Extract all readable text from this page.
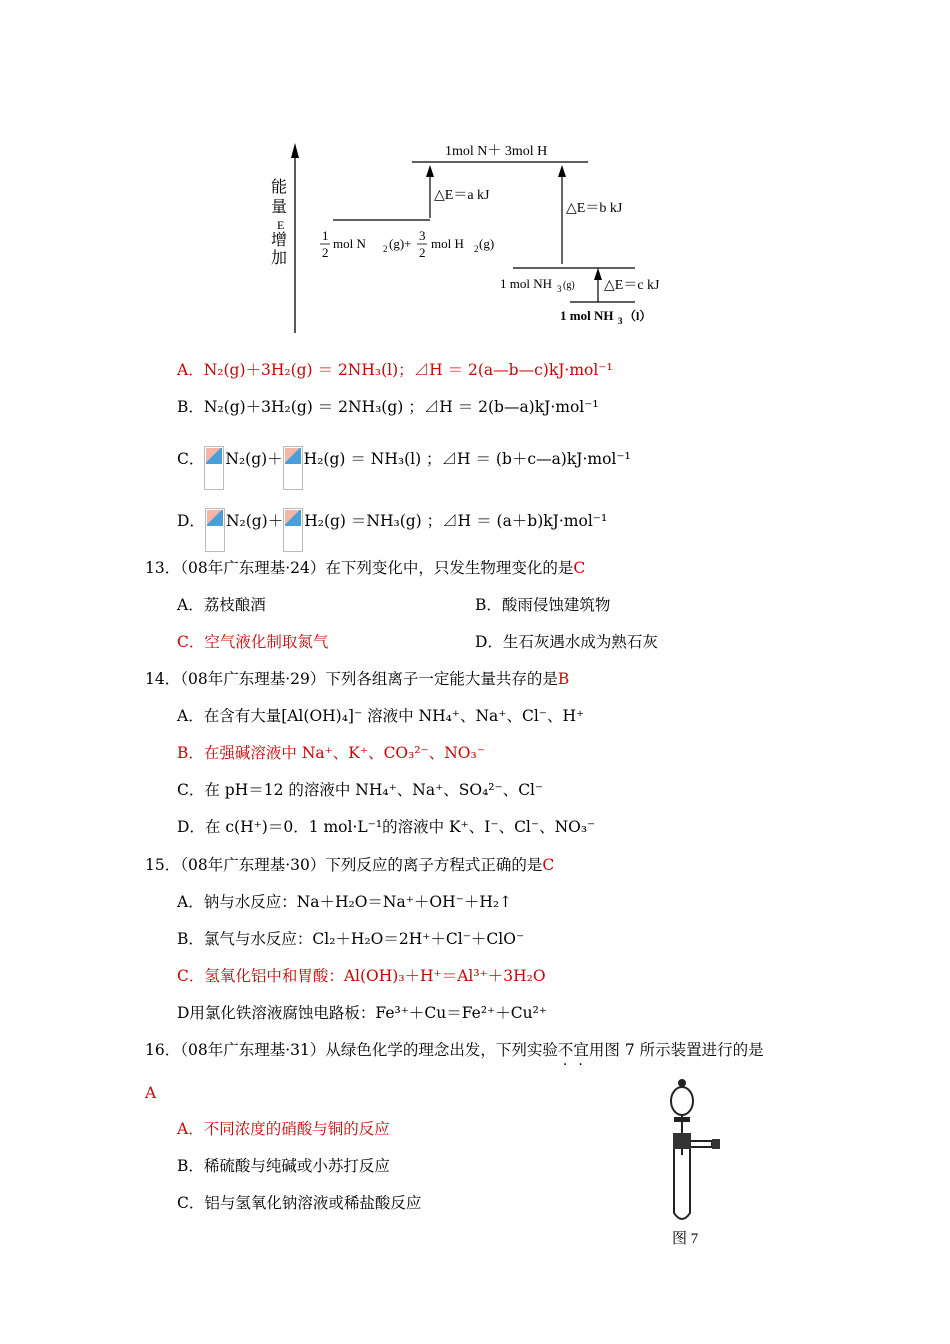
能
量
E
增
加
1mol N＋ 3mol H
1
2
mol N 2 (g)+
3
2
mol H 2 (g)
△E＝a kJ
△E＝b kJ
1 mol NH 3 (g) △E＝c kJ
1 mol NH 3 （l）
A．N₂(g)＋3H₂(g) ＝ 2NH₃(l)；⊿H ＝ 2(a—b—c)kJ·mol⁻¹
B．N₂(g)＋3H₂(g) ＝ 2NH₃(g) ；⊿H ＝ 2(b—a)kJ·mol⁻¹
C． N₂(g)＋ H₂(g) ＝ NH₃(l) ；⊿H ＝ (b＋c—a)kJ·mol⁻¹
D． N₂(g)＋ H₂(g) ＝NH₃(g) ；⊿H ＝ (a＋b)kJ·mol⁻¹
13．（08年广东理基·24）在下列变化中，只发生物理变化的是C
A．荔枝酿酒	B．酸雨侵蚀建筑物
C．空气液化制取氮气	D．生石灰遇水成为熟石灰
14．（08年广东理基·29）下列各组离子一定能大量共存的是B
A．在含有大量[Al(OH)₄]⁻ 溶液中 NH₄⁺、Na⁺、Cl⁻、H⁺
B．在强碱溶液中 Na⁺、K⁺、CO₃²⁻、NO₃⁻
C．在 pH＝12 的溶液中 NH₄⁺、Na⁺、SO₄²⁻、Cl⁻
D．在 c(H⁺)＝0．1 mol·L⁻¹的溶液中 K⁺、I⁻、Cl⁻、NO₃⁻
15．（08年广东理基·30）下列反应的离子方程式正确的是C
A．钠与水反应：Na＋H₂O＝Na⁺＋OH⁻＋H₂↑
B．氯气与水反应：Cl₂＋H₂O＝2H⁺＋Cl⁻＋ClO⁻
C．氢氧化铝中和胃酸：Al(OH)₃＋H⁺＝Al³⁺＋3H₂O
D用氯化铁溶液腐蚀电路板：Fe³⁺＋Cu＝Fe²⁺＋Cu²⁺
16．（08年广东理基·31）从绿色化学的理念出发，下列实验不宜用图 7 所示装置进行的是
A
A．不同浓度的硝酸与铜的反应
B．稀硫酸与纯碱或小苏打反应
C．铝与氢氧化钠溶液或稀盐酸反应
图 7
